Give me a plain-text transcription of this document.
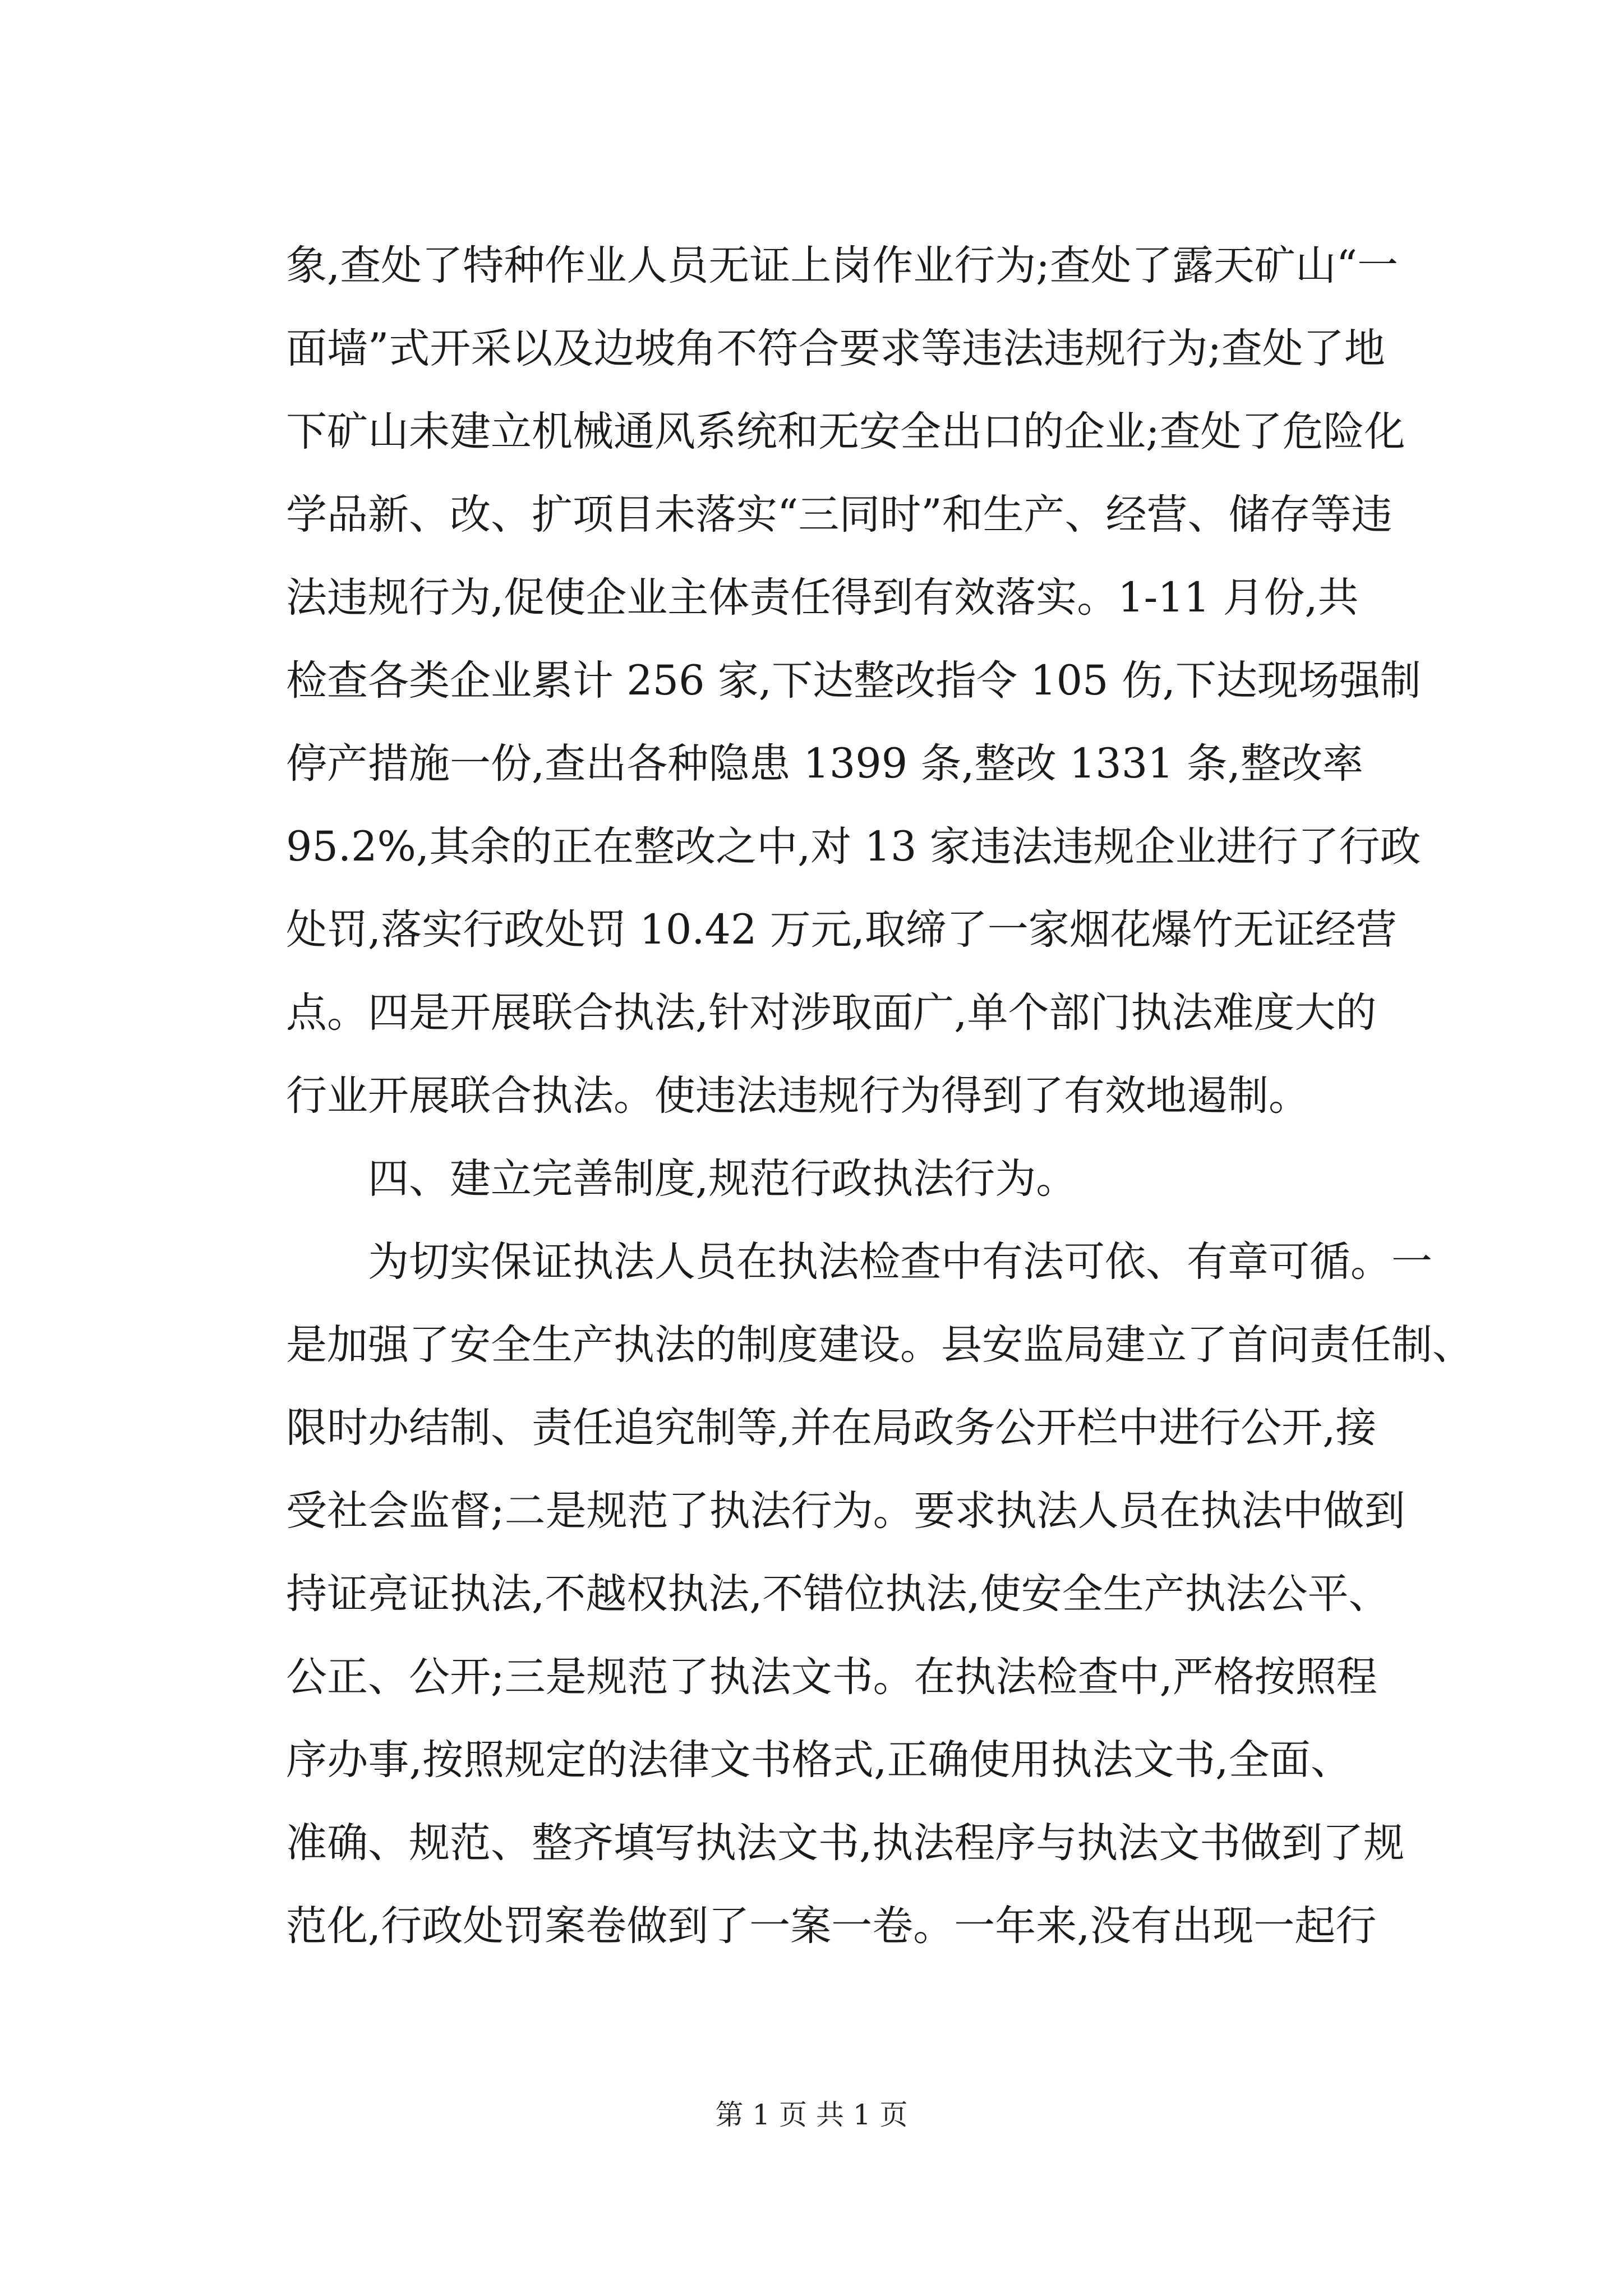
象,查处了特种作业人员无证上岗作业行为;查处了露天矿山“一
面墙”式开采以及边坡角不符合要求等违法违规行为;查处了地
下矿山未建立机械通风系统和无安全出口的企业;查处了危险化
学品新、改、扩项目未落实“三同时”和生产、经营、储存等违
法违规行为,促使企业主体责任得到有效落实。1-11 月份,共
检查各类企业累计 256 家,下达整改指令 105 伤,下达现场强制
停产措施一份,查出各种隐患 1399 条,整改 1331 条,整改率
95.2%,其余的正在整改之中,对 13 家违法违规企业进行了行政
处罚,落实行政处罚 10.42 万元,取缔了一家烟花爆竹无证经营
点。四是开展联合执法,针对涉取面广,单个部门执法难度大的
行业开展联合执法。使违法违规行为得到了有效地遏制。
四、建立完善制度,规范行政执法行为。
为切实保证执法人员在执法检查中有法可依、有章可循。一
是加强了安全生产执法的制度建设。县安监局建立了首问责任制、
限时办结制、责任追究制等,并在局政务公开栏中进行公开,接
受社会监督;二是规范了执法行为。要求执法人员在执法中做到
持证亮证执法,不越权执法,不错位执法,使安全生产执法公平、
公正、公开;三是规范了执法文书。在执法检查中,严格按照程
序办事,按照规定的法律文书格式,正确使用执法文书,全面、
准确、规范、整齐填写执法文书,执法程序与执法文书做到了规
范化,行政处罚案卷做到了一案一卷。一年来,没有出现一起行
第 1 页 共 1 页
